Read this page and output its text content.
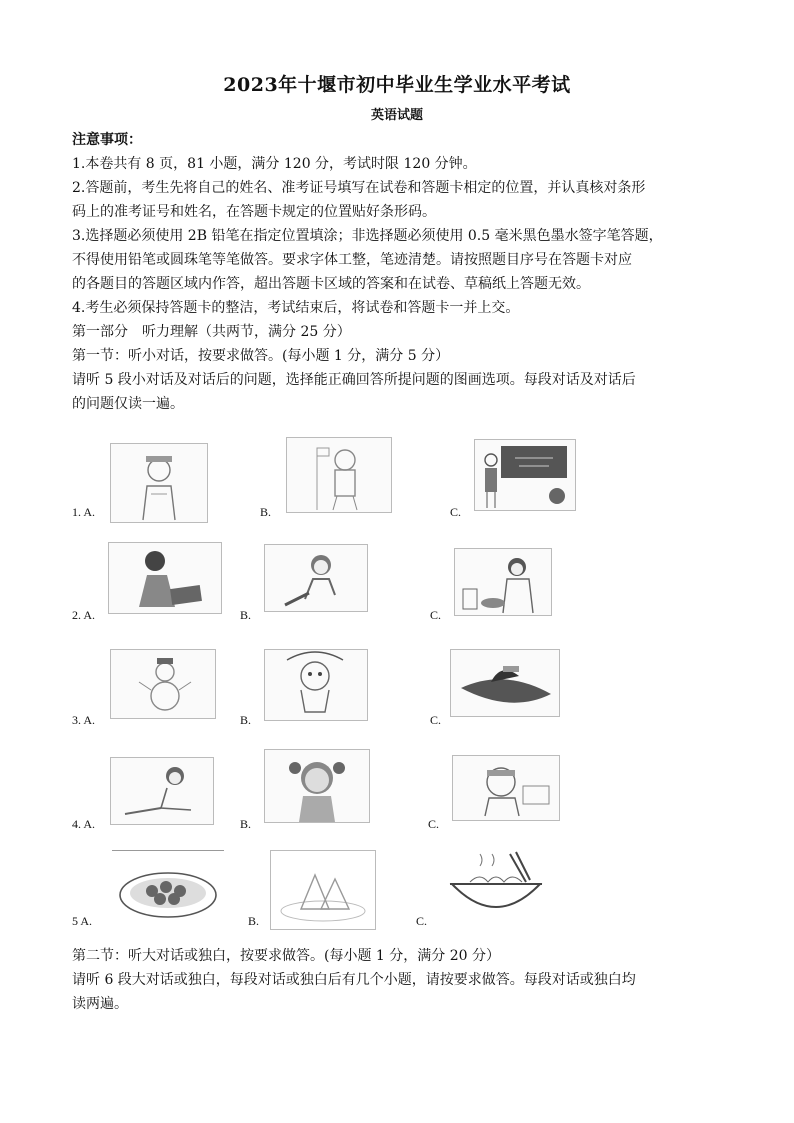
2023年十堰市初中毕业生学业水平考试
英语试题
注意事项：
1.本卷共有 8 页，81 小题，满分 120 分，考试时限 120 分钟。
2.答题前，考生先将自己的姓名、准考证号填写在试卷和答题卡相定的位置，并认真核对条形
码上的准考证号和姓名，在答题卡规定的位置贴好条形码。
3.选择题必须使用 2B 铅笔在指定位置填涂；非选择题必须使用 0.5 毫米黑色墨水签字笔答题，
不得使用铅笔或圆珠笔等笔做答。要求字体工整，笔迹清楚。请按照题目序号在答题卡对应
的各题目的答题区域内作答，超出答题卡区域的答案和在试卷、草稿纸上答题无效。
4.考生必须保持答题卡的整洁，考试结束后，将试卷和答题卡一并上交。
第一部分　听力理解（共两节，满分 25 分）
第一节：听小对话，按要求做答。(每小题 1 分，满分 5 分）
请听 5 段小对话及对话后的问题，选择能正确回答所提问题的图画选项。每段对话及对话后
的问题仅读一遍。
1. A.	B.	C.
2. A.	B.	C.
3. A.	B.	C.
4. A.	B.	C.
5 A.	B.	C.
第二节：听大对话或独白，按要求做答。(每小题 1 分，满分 20 分）
请听 6 段大对话或独白，每段对话或独白后有几个小题，请按要求做答。每段对话或独白均
读两遍。
